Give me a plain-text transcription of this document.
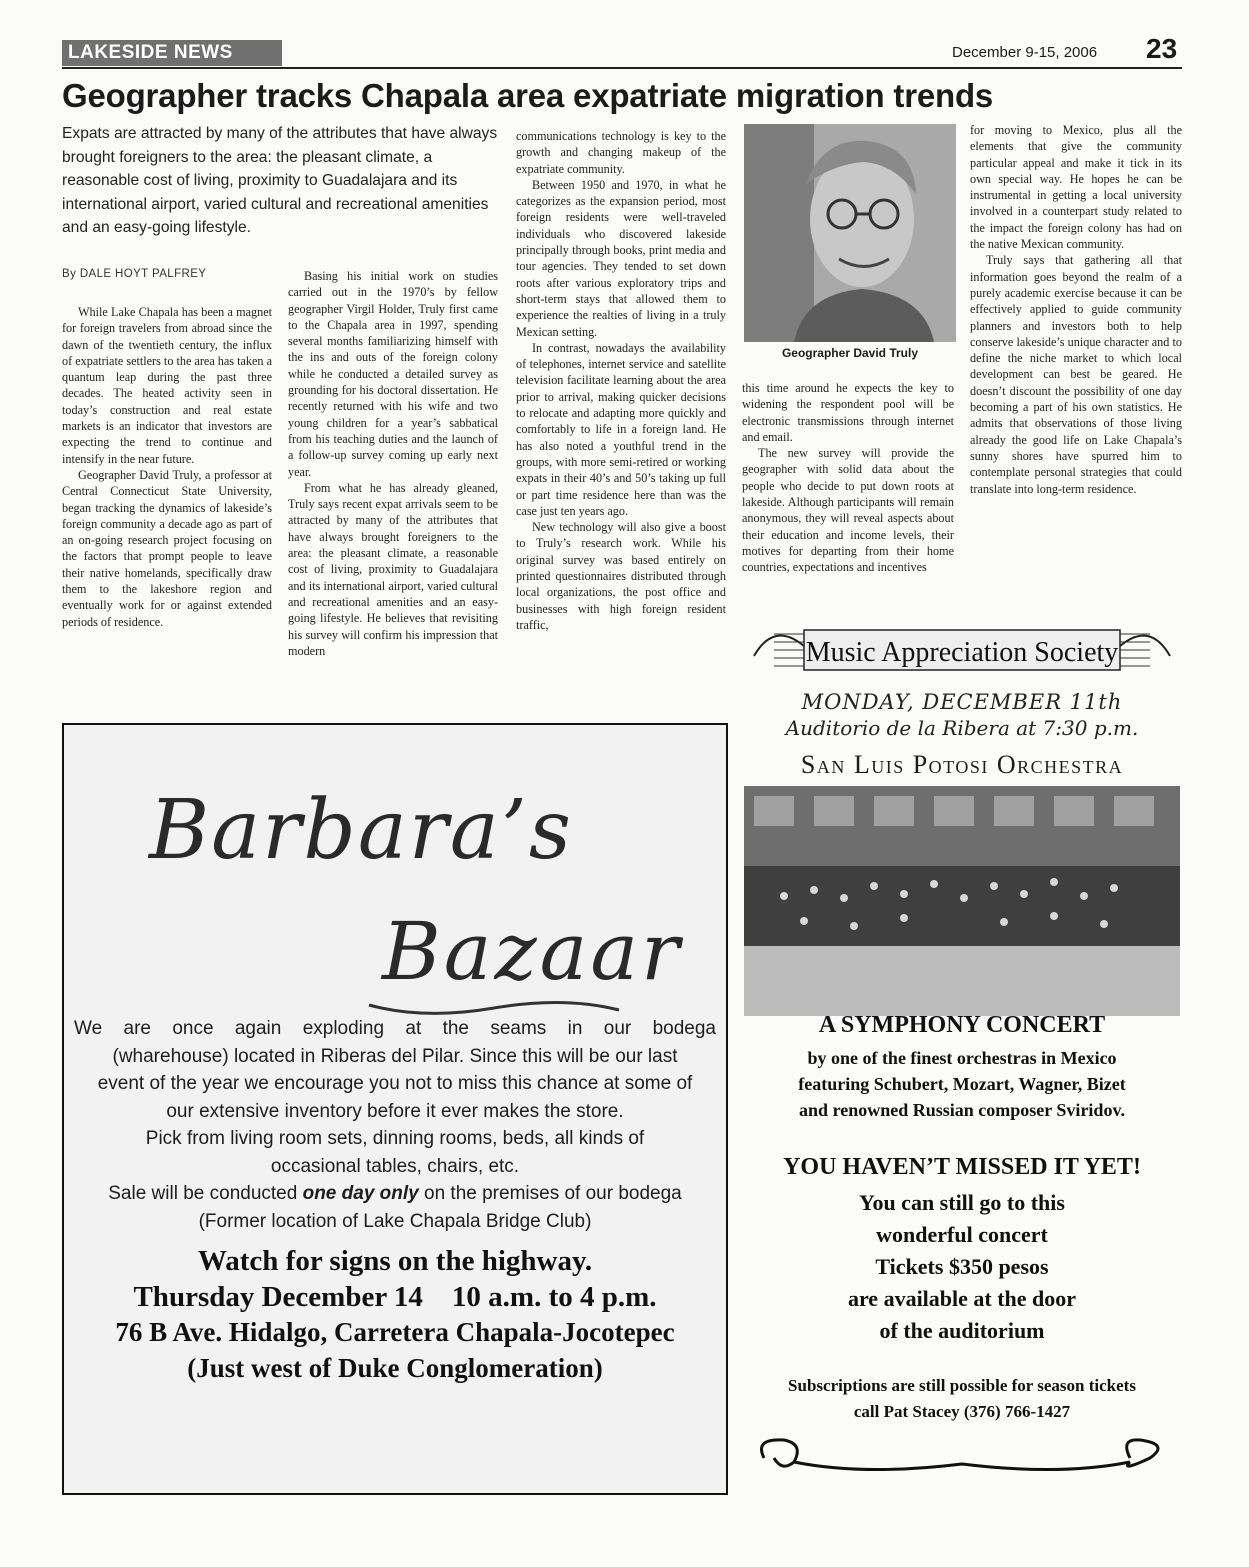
LAKESIDE NEWS	December 9-15, 2006 23
Geographer tracks Chapala area expatriate migration trends
Expats are attracted by many of the attributes that have always brought foreigners to the area: the pleasant climate, a reasonable cost of living, proximity to Guadalajara and its international airport, varied cultural and recreational amenities and an easy-going lifestyle.
By DALE HOYT PALFREY

While Lake Chapala has been a magnet for foreign travelers from abroad since the dawn of the twentieth century, the influx of expatriate settlers to the area has taken a quantum leap during the past three decades. The heated activity seen in today’s construction and real estate markets is an indicator that investors are expecting the trend to continue and intensify in the near future.

Geographer David Truly, a professor at Central Connecticut State University, began tracking the dynamics of lakeside’s foreign community a decade ago as part of an on-going research project focusing on the factors that prompt people to leave their native homelands, specifically draw them to the lakeshore region and eventually work for or against extended periods of residence.

Basing his initial work on studies carried out in the 1970’s by fellow geographer Virgil Holder, Truly first came to the Chapala area in 1997, spending several months familiarizing himself with the ins and outs of the foreign colony while he conducted a detailed survey as grounding for his doctoral dissertation. He recently returned with his wife and two young children for a year’s sabbatical from his teaching duties and the launch of a follow-up survey coming up early next year.

From what he has already gleaned, Truly says recent expat arrivals seem to be attracted by many of the attributes that have always brought foreigners to the area: the pleasant climate, a reasonable cost of living, proximity to Guadalajara and its international airport, varied cultural and recreational amenities and an easy-going lifestyle. He believes that revisiting his survey will confirm his impression that modern

communications technology is key to the growth and changing makeup of the expatriate community.

Between 1950 and 1970, in what he categorizes as the expansion period, most foreign residents were well-traveled individuals who discovered lakeside principally through books, print media and tour agencies. They tended to set down roots after various exploratory trips and short-term stays that allowed them to experience the realties of living in a truly Mexican setting.

In contrast, nowadays the availability of telephones, internet service and satellite television facilitate learning about the area prior to arrival, making quicker decisions to relocate and adapting more quickly and comfortably to life in a foreign land. He has also noted a youthful trend in the groups, with more semi-retired or working expats in their 40’s and 50’s taking up full or part time residence here than was the case just ten years ago.

New technology will also give a boost to Truly’s research work. While his original survey was based entirely on printed questionnaires distributed through local organizations, the post office and businesses with high foreign resident traffic,

Geographer David Truly

this time around he expects the key to widening the respondent pool will be electronic transmissions through internet and email.

The new survey will provide the geographer with solid data about the people who decide to put down roots at lakeside. Although participants will remain anonymous, they will reveal aspects about their education and income levels, their motives for departing from their home countries, expectations and incentives

for moving to Mexico, plus all the elements that give the community particular appeal and make it tick in its own special way. He hopes he can be instrumental in getting a local university involved in a counterpart study related to the impact the foreign colony has had on the native Mexican community.

Truly says that gathering all that information goes beyond the realm of a purely academic exercise because it can be effectively applied to guide community planners and investors both to help conserve lakeside’s unique character and to define the niche market to which local development can best be geared. He doesn’t discount the possibility of one day becoming a part of his own statistics. He admits that observations of those living already the good life on Lake Chapala’s sunny shores have spurred him to contemplate personal strategies that could translate into long-term residence.

Barbara’s
Bazaar
We are once again exploding at the seams in our bodega
(wharehouse) located in Riberas del Pilar. Since this will be our last
event of the year we encourage you not to miss this chance at some of
our extensive inventory before it ever makes the store.
Pick from living room sets, dinning rooms, beds, all kinds of
occasional tables, chairs, etc.
Sale will be conducted one day only on the premises of our bodega
(Former location of Lake Chapala Bridge Club)
Watch for signs on the highway.
Thursday December 14    10 a.m. to 4 p.m.
76 B Ave. Hidalgo, Carretera Chapala-Jocotepec
(Just west of Duke Conglomeration)
Music Appreciation Society
MONDAY, DECEMBER 11th
Auditorio de la Ribera at 7:30 p.m.
San Luis Potosi Orchestra
A SYMPHONY CONCERT
by one of the finest orchestras in Mexico
featuring Schubert, Mozart, Wagner, Bizet
and renowned Russian composer Sviridov.
YOU HAVEN’T MISSED IT YET!
You can still go to this
wonderful concert
Tickets $350 pesos
are available at the door
of the auditorium
Subscriptions are still possible for season tickets
call Pat Stacey (376) 766-1427
